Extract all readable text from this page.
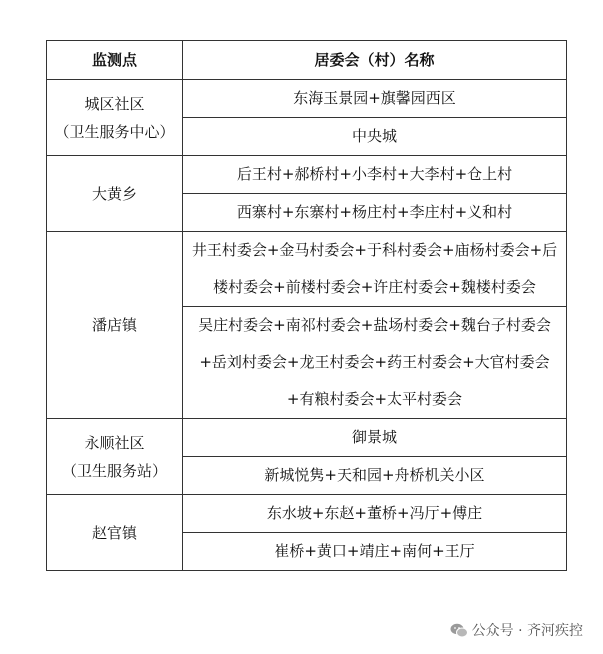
监测点	居委会（村）名称

城区社区
（卫生服务中心）	东海玉景园+旗馨园西区
	中央城

大黄乡	后王村+郝桥村+小李村+大李村+仓上村
	西寨村+东寨村+杨庄村+李庄村+义和村

潘店镇	井王村委会+金马村委会+于科村委会+庙杨村委会+后楼村委会+前楼村委会+许庄村委会+魏楼村委会
	吴庄村委会+南祁村委会+盐场村委会+魏台子村委会+岳刘村委会+龙王村委会+药王村委会+大官村委会+有粮村委会+太平村委会

永顺社区
（卫生服务站）	御景城
	新城悦隽+天和园+舟桥机关小区

赵官镇	东水坡+东赵+董桥+冯厅+傅庄
	崔桥+黄口+靖庄+南何+王厅
公众号 · 齐河疾控
